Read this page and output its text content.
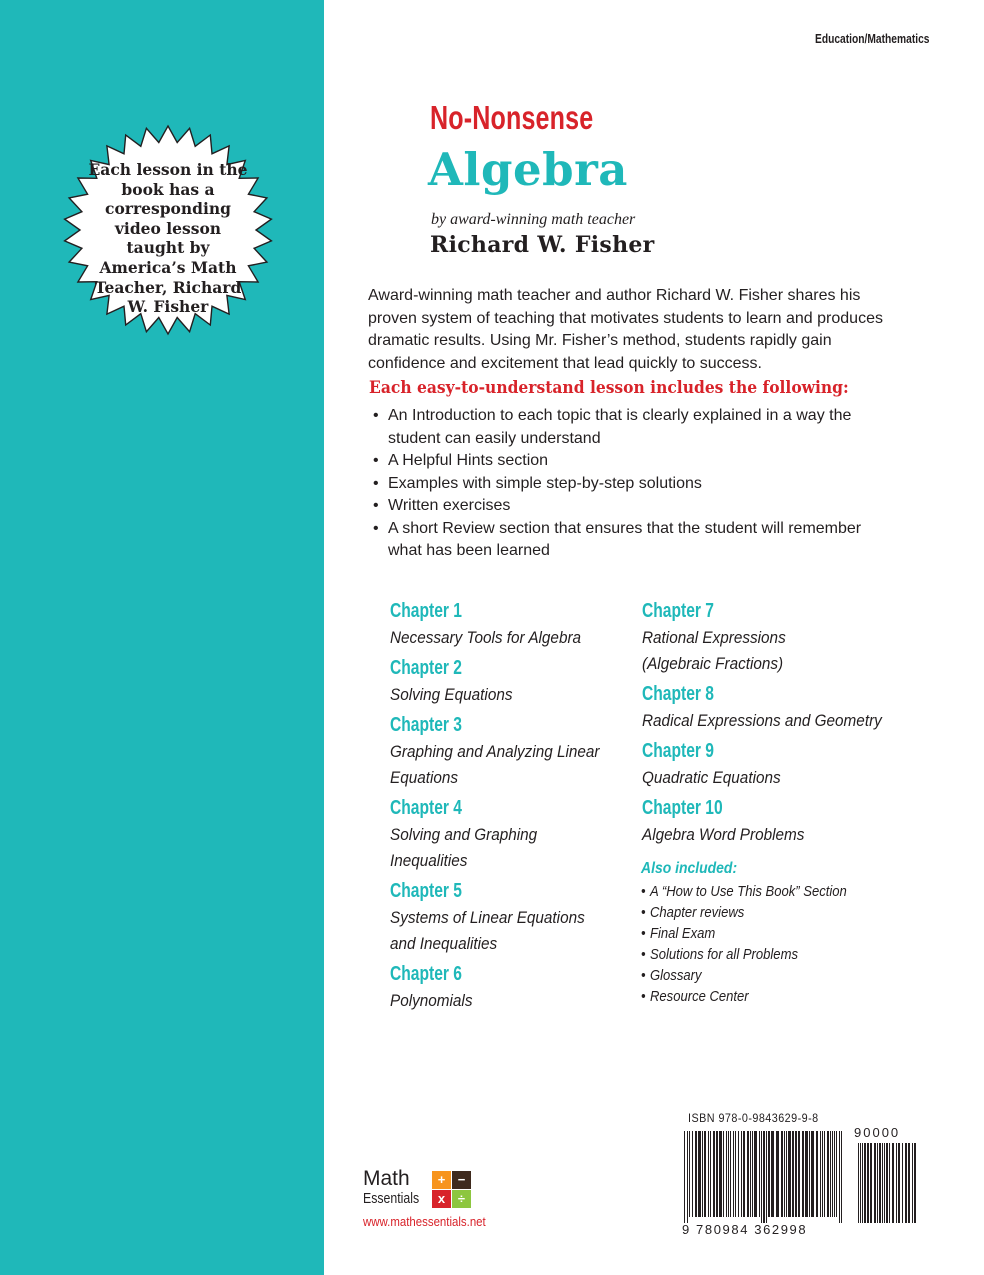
Education/Mathematics
Each lesson in the book has a corresponding video lesson taught by America’s Math Teacher, Richard W. Fisher
No-Nonsense
Algebra
by award-winning math teacher
Richard W. Fisher

Award-winning math teacher and author Richard W. Fisher shares his proven system of teaching that motivates students to learn and produces dramatic results. Using Mr. Fisher’s method, students rapidly gain confidence and excitement that lead quickly to success.

Each easy-to-understand lesson includes the following:
• An Introduction to each topic that is clearly explained in a way the student can easily understand
• A Helpful Hints section
• Examples with simple step-by-step solutions
• Written exercises
• A short Review section that ensures that the student will remember what has been learned
Chapter 1
Necessary Tools for Algebra
Chapter 2
Solving Equations
Chapter 3
Graphing and Analyzing Linear Equations
Chapter 4
Solving and Graphing Inequalities
Chapter 5
Systems of Linear Equations and Inequalities
Chapter 6
Polynomials
Chapter 7
Rational Expressions (Algebraic Fractions)
Chapter 8
Radical Expressions and Geometry
Chapter 9
Quadratic Equations
Chapter 10
Algebra Word Problems
Also included:
• A “How to Use This Book” Section
• Chapter reviews
• Final Exam
• Solutions for all Problems
• Glossary
• Resource Center
Math
Essentials
+ −
x ÷
www.mathessentials.net
ISBN 978-0-9843629-9-8
90000
9 780984 362998
